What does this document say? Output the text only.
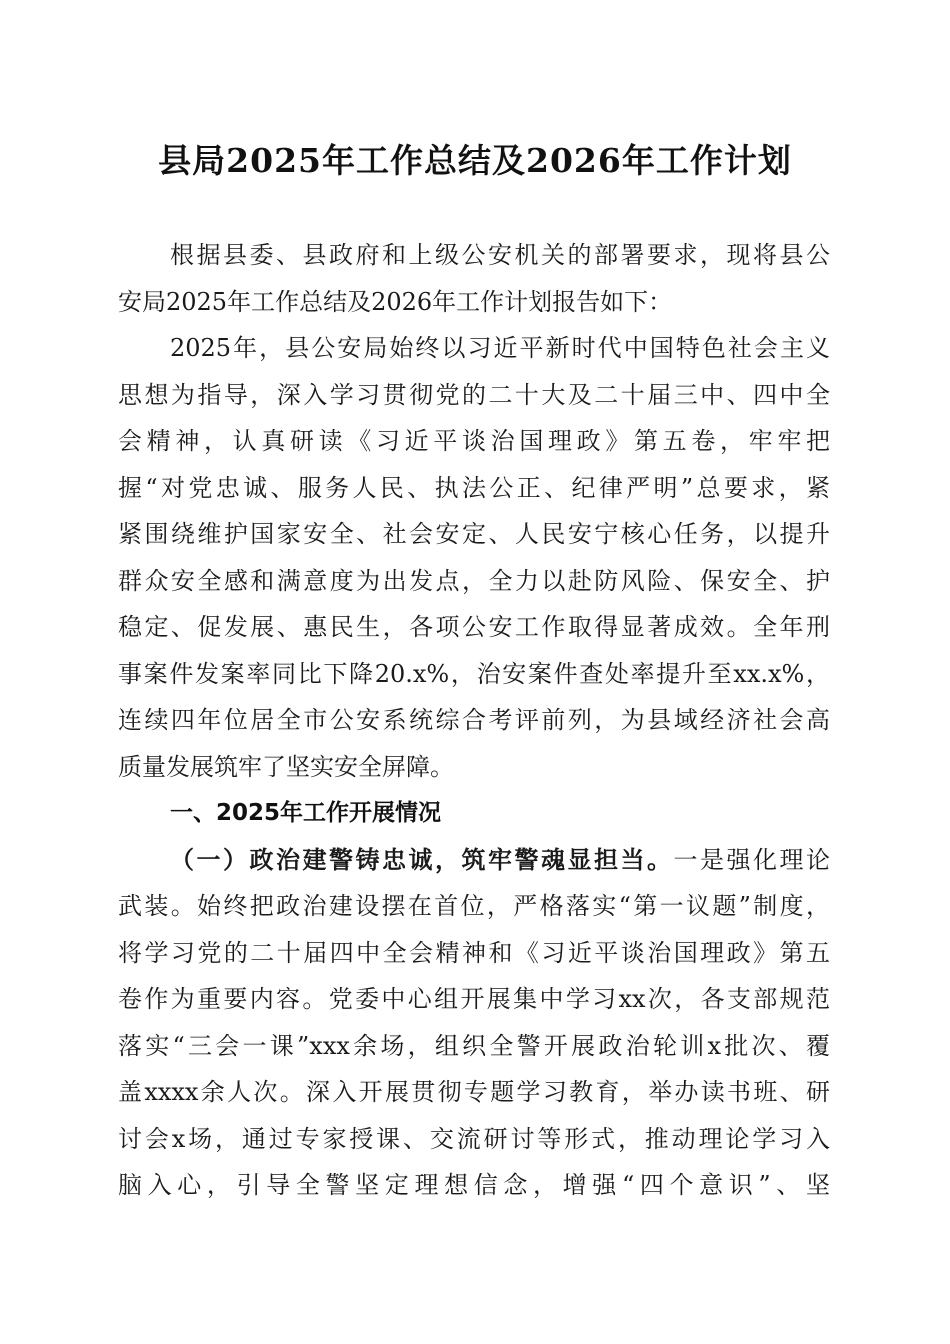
县局2025年工作总结及2026年工作计划
根据县委、县政府和上级公安机关的部署要求，现将县公
安局2025年工作总结及2026年工作计划报告如下：
2025年，县公安局始终以习近平新时代中国特色社会主义
思想为指导，深入学习贯彻党的二十大及二十届三中、四中全
会精神，认真研读《习近平谈治国理政》第五卷，牢牢把
握“对党忠诚、服务人民、执法公正、纪律严明”总要求，紧
紧围绕维护国家安全、社会安定、人民安宁核心任务，以提升
群众安全感和满意度为出发点，全力以赴防风险、保安全、护
稳定、促发展、惠民生，各项公安工作取得显著成效。全年刑
事案件发案率同比下降20.x%，治安案件查处率提升至xx.x%，
连续四年位居全市公安系统综合考评前列，为县域经济社会高
质量发展筑牢了坚实安全屏障。
一、2025年工作开展情况
（一）政治建警铸忠诚，筑牢警魂显担当。一是强化理论
武装。始终把政治建设摆在首位，严格落实“第一议题”制度，
将学习党的二十届四中全会精神和《习近平谈治国理政》第五
卷作为重要内容。党委中心组开展集中学习xx次，各支部规范
落实“三会一课”xxx余场，组织全警开展政治轮训x批次、覆
盖xxxx余人次。深入开展贯彻专题学习教育，举办读书班、研
讨会x场，通过专家授课、交流研讨等形式，推动理论学习入
脑入心，引导全警坚定理想信念，增强“四个意识”、坚
